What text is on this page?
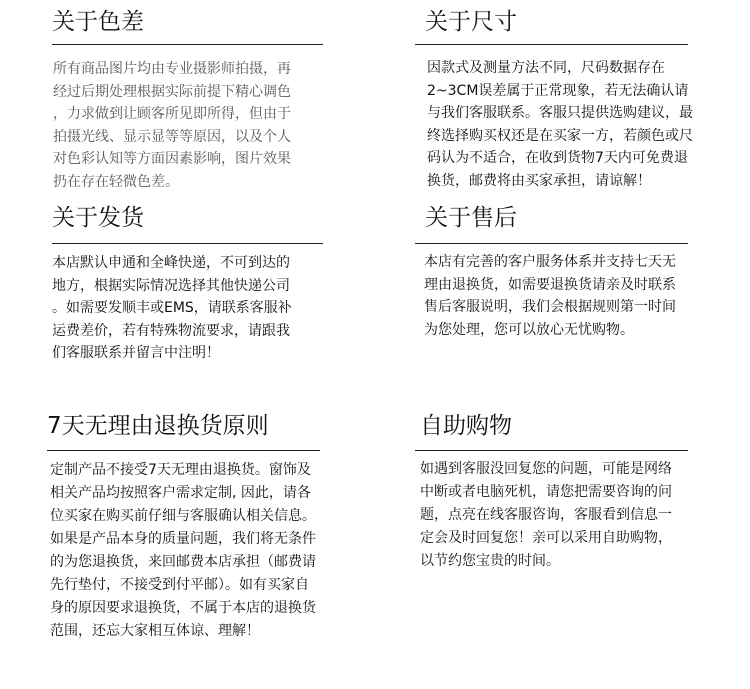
关于色差
所有商品图片均由专业摄影师拍摄，再
经过后期处理根据实际前提下精心调色
，力求做到让顾客所见即所得，但由于
拍摄光线、显示显等等原因，以及个人
对色彩认知等方面因素影响，图片效果
扔在存在轻微色差。
关于尺寸
因款式及测量方法不同，尺码数据存在
2~3CM误差属于正常现象，若无法确认请
与我们客服联系。客服只提供选购建议，最
终选择购买权还是在买家一方，若颜色或尺
码认为不适合，在收到货物7天内可免费退
换货，邮费将由买家承担，请谅解！
关于发货
本店默认申通和全峰快递，不可到达的
地方，根据实际情况选择其他快递公司
。如需要发顺丰或EMS，请联系客服补
运费差价，若有特殊物流要求，请跟我
们客服联系并留言中注明！
关于售后
本店有完善的客户服务体系并支持七天无
理由退换货，如需要退换货请亲及时联系
售后客服说明，我们会根据规则第一时间
为您处理，您可以放心无忧购物。
7天无理由退换货原则
定制产品不接受7天无理由退换货。窗饰及
相关产品均按照客户需求定制, 因此，请各
位买家在购买前仔细与客服确认相关信息。
如果是产品本身的质量问题，我们将无条件
的为您退换货，来回邮费本店承担（邮费请
先行垫付，不接受到付平邮）。如有买家自
身的原因要求退换货，不属于本店的退换货
范围，还忘大家相互体谅、理解！
自助购物
如遇到客服没回复您的问题，可能是网络
中断或者电脑死机，请您把需要咨询的问
题，点亮在线客服咨询，客服看到信息一
定会及时回复您！亲可以采用自助购物，
以节约您宝贵的时间。
